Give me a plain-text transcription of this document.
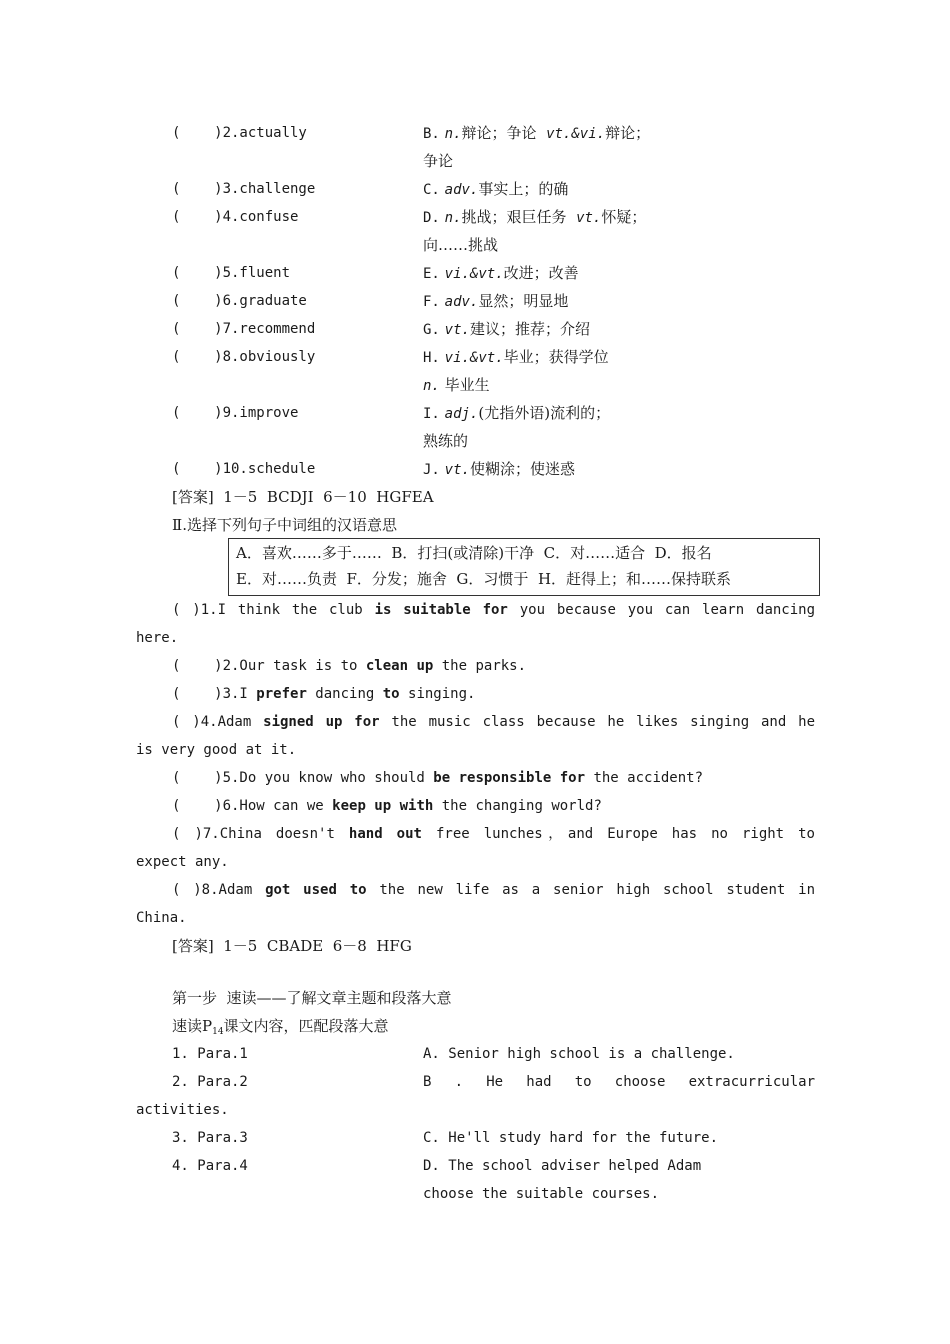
(    )2.actually	B. n.辩论；争论 vt.&vi.辩论；
争论
(    )3.challenge	C. adv.事实上；的确
(    )4.confuse	D. n.挑战；艰巨任务 vt.怀疑；
向……挑战
(    )5.fluent	E. vi.&vt.改进；改善
(    )6.graduate	F. adv.显然；明显地
(    )7.recommend	G. vt.建议；推荐；介绍
(    )8.obviously	H. vi.&vt.毕业；获得学位
n. 毕业生
(    )9.improve	I. adj.(尤指外语)流利的；
熟练的
(    )10.schedule	J. vt.使糊涂；使迷惑
[答案]  1－5  BCDJI  6－10  HGFEA
Ⅱ.选择下列句子中词组的汉语意思
A．喜欢……多于……  B．打扫(或清除)干净  C．对……适合  D．报名
E．对……负责  F．分发；施舍  G．习惯于  H．赶得上；和……保持联系
( )1.I think the club is suitable for you because you can learn dancing
here.
(    )2.Our task is to clean up the parks.
(    )3.I prefer dancing to singing.
( )4.Adam signed up for the music class because he likes singing and he
is very good at it.
(    )5.Do you know who should be responsible for the accident?
(    )6.How can we keep up with the changing world?
( )7.China doesn't hand out free lunches，and Europe has no right to
expect any.
( )8.Adam got used to the new life as a senior high school student in
China.
[答案]  1－5  CBADE  6－8  HFG
第一步  速读——了解文章主题和段落大意
速读$P_{14}$课文内容，匹配段落大意
1. Para.1	A. Senior high school is a challenge.
2. Para.2	B . He had to choose extracurricular
activities.
3. Para.3	C. He'll study hard for the future.
4. Para.4	D. The school adviser helped Adam
choose the suitable courses.
